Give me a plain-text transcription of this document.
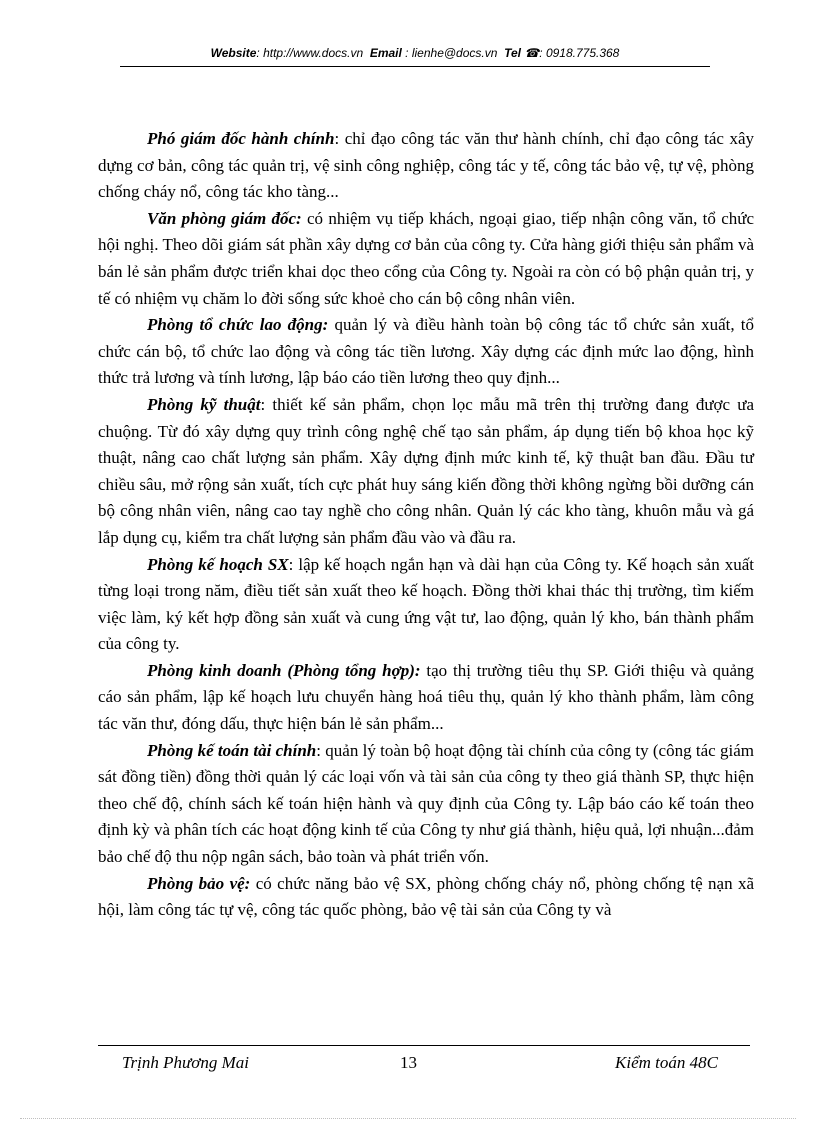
Website: http://www.docs.vn Email : lienhe@docs.vn Tel ☎: 0918.775.368

Phó giám đốc hành chính: chỉ đạo công tác văn thư hành chính, chỉ đạo công tác xây dựng cơ bản, công tác quản trị, vệ sinh công nghiệp, công tác y tế, công tác bảo vệ, tự vệ, phòng chống cháy nổ, công tác kho tàng...

Văn phòng giám đốc: có nhiệm vụ tiếp khách, ngoại giao, tiếp nhận công văn, tổ chức hội nghị. Theo dõi giám sát phần xây dựng cơ bản của công ty. Cửa hàng giới thiệu sản phẩm và bán lẻ sản phẩm được triển khai dọc theo cổng của Công ty. Ngoài ra còn có bộ phận quản trị, y tế có nhiệm vụ chăm lo đời sống sức khoẻ cho cán bộ công nhân viên.

Phòng tổ chức lao động: quản lý và điều hành toàn bộ công tác tổ chức sản xuất, tổ chức cán bộ, tổ chức lao động và công tác tiền lương. Xây dựng các định mức lao động, hình thức trả lương và tính lương, lập báo cáo tiền lương theo quy định...

Phòng kỹ thuật: thiết kế sản phẩm, chọn lọc mẫu mã trên thị trường đang được ưa chuộng. Từ đó xây dựng quy trình công nghệ chế tạo sản phẩm, áp dụng tiến bộ khoa học kỹ thuật, nâng cao chất lượng sản phẩm. Xây dựng định mức kinh tế, kỹ thuật ban đầu. Đầu tư chiều sâu, mở rộng sản xuất, tích cực phát huy sáng kiến đồng thời không ngừng bồi dưỡng cán bộ công nhân viên, nâng cao tay nghề cho công nhân. Quản lý các kho tàng, khuôn mẫu và gá lắp dụng cụ, kiểm tra chất lượng sản phẩm đầu vào và đầu ra.

Phòng kế hoạch SX: lập kế hoạch ngắn hạn và dài hạn của Công ty. Kế hoạch sản xuất từng loại trong năm, điều tiết sản xuất theo kế hoạch. Đồng thời khai thác thị trường, tìm kiếm việc làm, ký kết hợp đồng sản xuất và cung ứng vật tư, lao động, quản lý kho, bán thành phẩm của công ty.

Phòng kinh doanh (Phòng tổng hợp): tạo thị trường tiêu thụ SP. Giới thiệu và quảng cáo sản phẩm, lập kế hoạch lưu chuyển hàng hoá tiêu thụ, quản lý kho thành phẩm, làm công tác văn thư, đóng dấu, thực hiện bán lẻ sản phẩm...

Phòng kế toán tài chính: quản lý toàn bộ hoạt động tài chính của công ty (công tác giám sát đồng tiền) đồng thời quản lý các loại vốn và tài sản của công ty theo giá thành SP, thực hiện theo chế độ, chính sách kế toán hiện hành và quy định của Công ty. Lập báo cáo kế toán theo định kỳ và phân tích các hoạt động kinh tế của Công ty như giá thành, hiệu quả, lợi nhuận...đảm bảo chế độ thu nộp ngân sách, bảo toàn và phát triển vốn.

Phòng bảo vệ: có chức năng bảo vệ SX, phòng chống cháy nổ, phòng chống tệ nạn xã hội, làm công tác tự vệ, công tác quốc phòng, bảo vệ tài sản của Công ty và

Trịnh Phương Mai	13	Kiểm toán 48C
